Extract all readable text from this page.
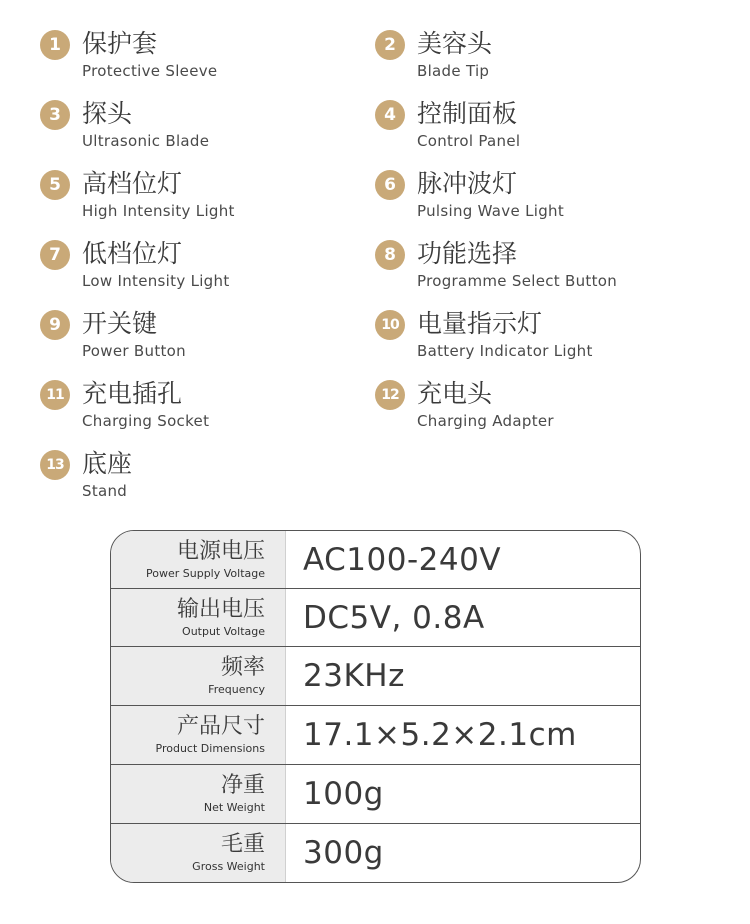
1 保护套
Protective Sleeve
2 美容头
Blade Tip
3 探头
Ultrasonic Blade
4 控制面板
Control Panel
5 高档位灯
High Intensity Light
6 脉冲波灯
Pulsing Wave Light
7 低档位灯
Low Intensity Light
8 功能选择
Programme Select Button
9 开关键
Power Button
10 电量指示灯
Battery Indicator Light
11 充电插孔
Charging Socket
12 充电头
Charging Adapter
13 底座
Stand
电源电压
Power Supply Voltage AC100-240V
输出电压
Output Voltage DC5V, 0.8A
频率
Frequency 23KHz
产品尺寸
Product Dimensions 17.1×5.2×2.1cm
净重
Net Weight 100g
毛重
Gross Weight 300g
